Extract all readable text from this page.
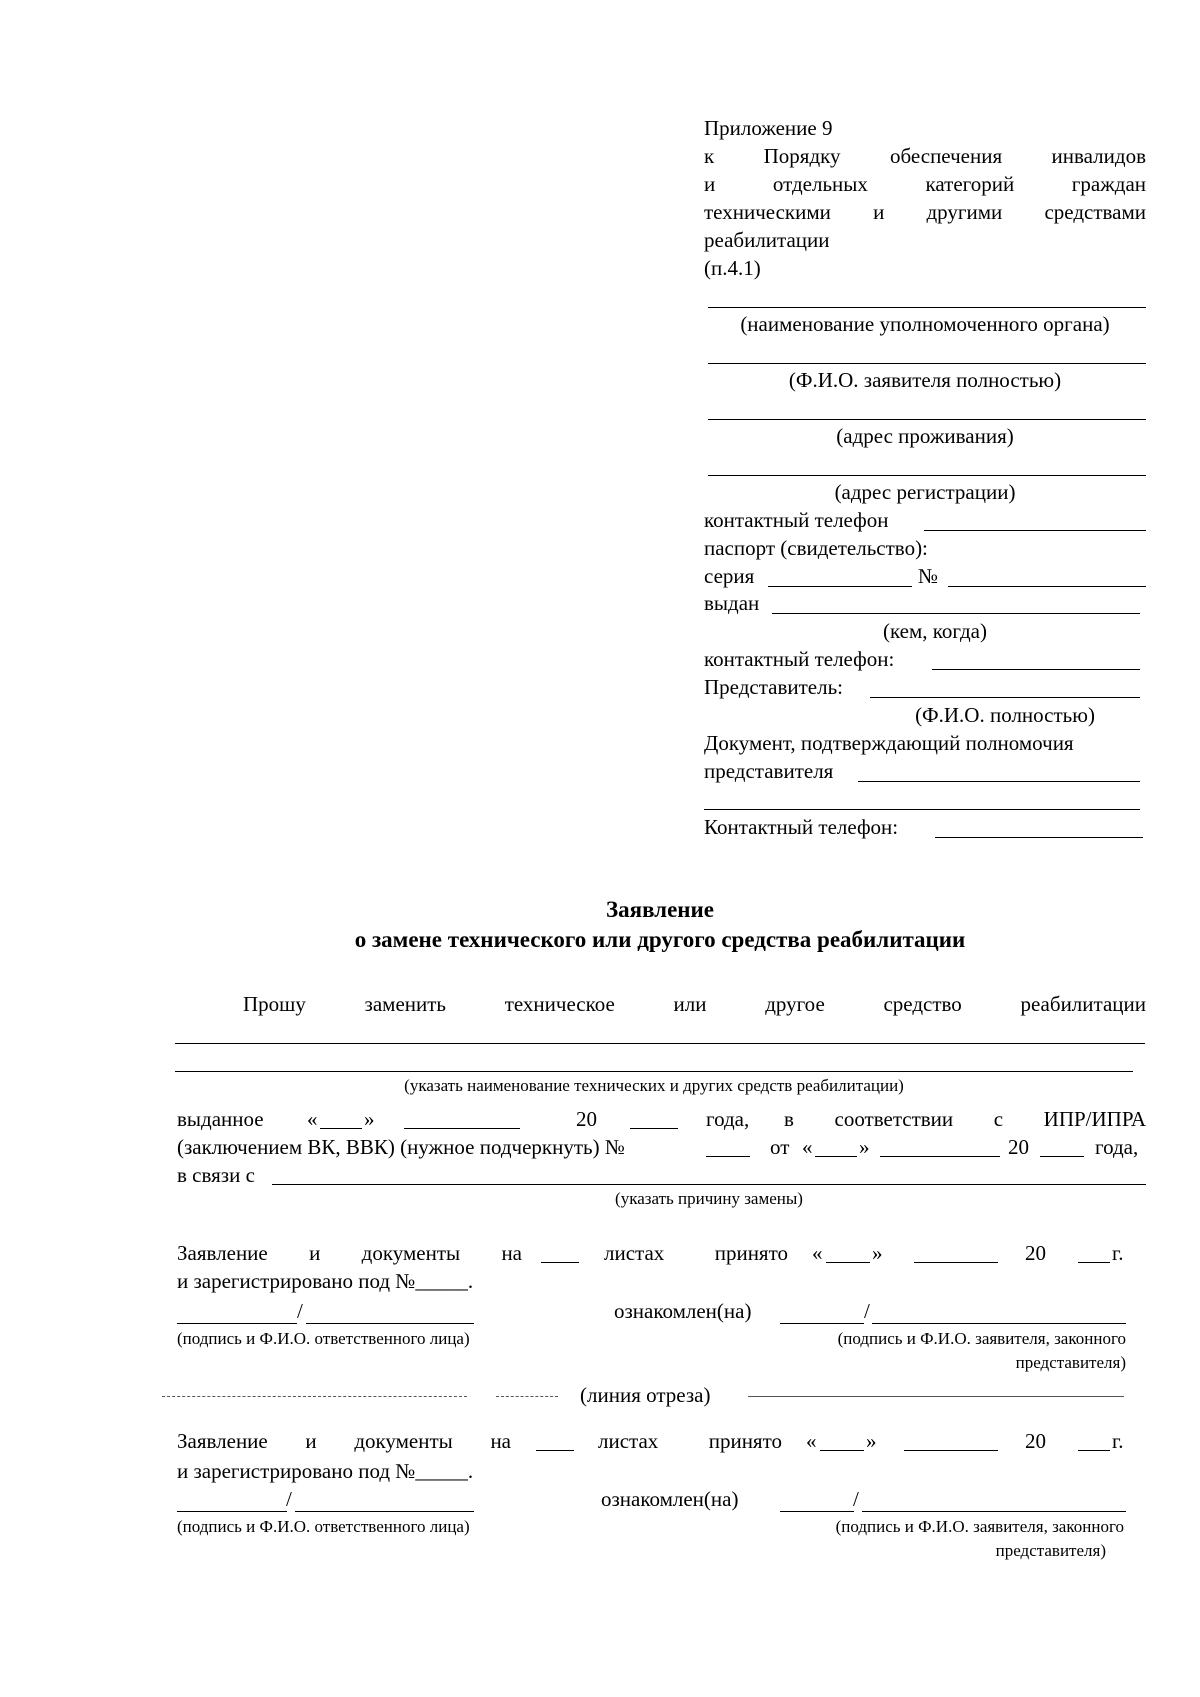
Приложение 9
к Порядку обеспечения инвалидов
и отдельных категорий граждан
техническими и другими средствами
реабилитации
(п.4.1)
(наименование уполномоченного органа)
(Ф.И.О. заявителя полностью)
(адрес проживания)
(адрес регистрации)
контактный телефон
паспорт (свидетельство):
серия	№
выдан
(кем, когда)
контактный телефон:
Представитель:
(Ф.И.О. полностью)
Документ, подтверждающий полномочия
представителя
Контактный телефон:
Заявление
о замене технического или другого средства реабилитации
Прошу заменить техническое или другое средство реабилитации
(указать наименование технических и других средств реабилитации)
выданное « »	20	года, в соответствии с ИПР/ИПРА
(заключением ВК, ВВК) (нужное подчеркнуть) №	от « »	20	года,
в связи с
(указать причину замены)
Заявление и документы на	листах принято « »	20	г.
и зарегистрировано под №_____.
/	ознакомлен(на)	/
(подпись и Ф.И.О. ответственного лица)	(подпись и Ф.И.О. заявителя, законного
представителя)
(линия отреза)
Заявление и документы на	листах принято « »	20	г.
и зарегистрировано под №_____.
/	ознакомлен(на)	/
(подпись и Ф.И.О. ответственного лица)	(подпись и Ф.И.О. заявителя, законного
представителя)
